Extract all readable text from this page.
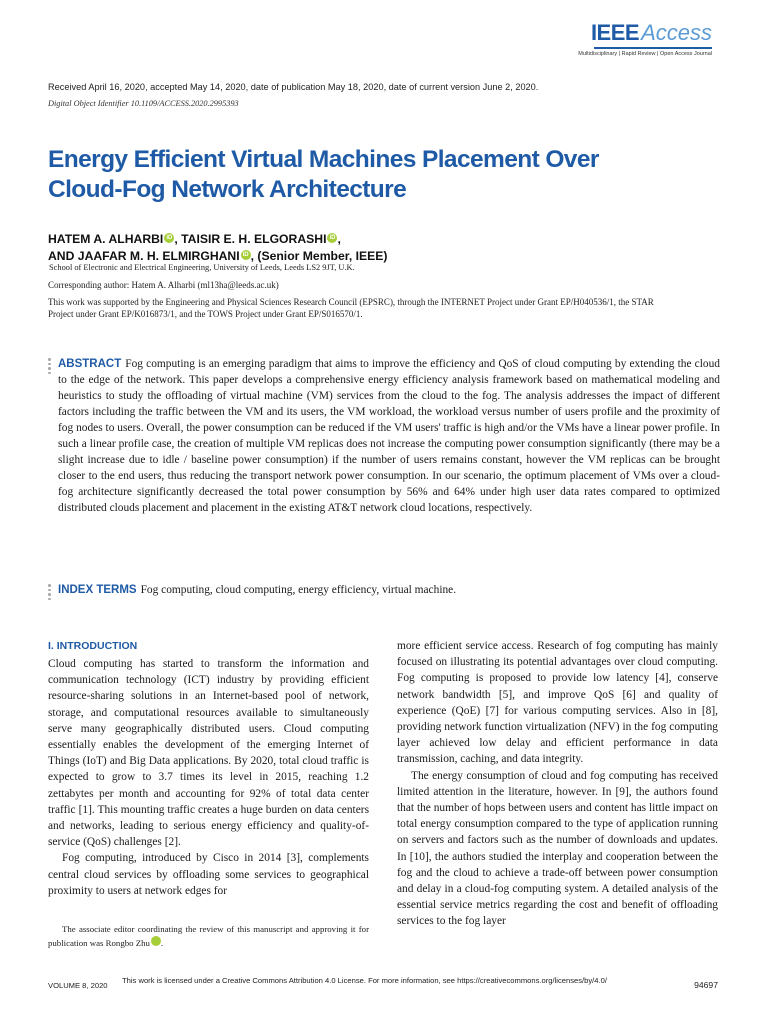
IEEEAccess
Multidisciplinary | Rapid Review | Open Access Journal
Received April 16, 2020, accepted May 14, 2020, date of publication May 18, 2020, date of current version June 2, 2020.
Digital Object Identifier 10.1109/ACCESS.2020.2995393
Energy Efficient Virtual Machines Placement Over
Cloud-Fog Network Architecture
HATEM A. ALHARBI iD , TAISIR E. H. ELGORASHI iD ,
AND JAAFAR M. H. ELMIRGHANI iD , (Senior Member, IEEE)
School of Electronic and Electrical Engineering, University of Leeds, Leeds LS2 9JT, U.K.
Corresponding author: Hatem A. Alharbi (ml13ha@leeds.ac.uk)
This work was supported by the Engineering and Physical Sciences Research Council (EPSRC), through the INTERNET Project under Grant EP/H040536/1, the STAR Project under Grant EP/K016873/1, and the TOWS Project under Grant EP/S016570/1.
ABSTRACT Fog computing is an emerging paradigm that aims to improve the efficiency and QoS of cloud computing by extending the cloud to the edge of the network. This paper develops a comprehensive energy efficiency analysis framework based on mathematical modeling and heuristics to study the offloading of virtual machine (VM) services from the cloud to the fog. The analysis addresses the impact of different factors including the traffic between the VM and its users, the VM workload, the workload versus number of users profile and the proximity of fog nodes to users. Overall, the power consumption can be reduced if the VM users' traffic is high and/or the VMs have a linear power profile. In such a linear profile case, the creation of multiple VM replicas does not increase the computing power consumption significantly (there may be a slight increase due to idle / baseline power consumption) if the number of users remains constant, however the VM replicas can be brought closer to the end users, thus reducing the transport network power consumption. In our scenario, the optimum placement of VMs over a cloud-fog architecture significantly decreased the total power consumption by 56% and 64% under high user data rates compared to optimized distributed clouds placement and placement in the existing AT&T network cloud locations, respectively.
INDEX TERMS Fog computing, cloud computing, energy efficiency, virtual machine.
I. INTRODUCTION

Cloud computing has started to transform the information and communication technology (ICT) industry by providing efficient resource-sharing solutions in an Internet-based pool of network, storage, and computational resources available to simultaneously serve many geographically distributed users. Cloud computing essentially enables the development of the emerging Internet of Things (IoT) and Big Data applications. By 2020, total cloud traffic is expected to grow to 3.7 times its level in 2015, reaching 1.2 zettabytes per month and accounting for 92% of total data center traffic [1]. This mounting traffic creates a huge burden on data centers and networks, leading to serious energy efficiency and quality-of-service (QoS) challenges [2].

Fog computing, introduced by Cisco in 2014 [3], complements central cloud services by offloading some services to geographical proximity to users at network edges for

more efficient service access. Research of fog computing has mainly focused on illustrating its potential advantages over cloud computing. Fog computing is proposed to provide low latency [4], conserve network bandwidth [5], and improve QoS [6] and quality of experience (QoE) [7] for various computing services. Also in [8], providing network function virtualization (NFV) in the fog computing layer achieved low delay and efficient performance in data transmission, caching, and data integrity.

The energy consumption of cloud and fog computing has received limited attention in the literature, however. In [9], the authors found that the number of hops between users and content has little impact on total energy consumption compared to the type of application running on servers and factors such as the number of downloads and updates. In [10], the authors studied the interplay and cooperation between the fog and the cloud to achieve a trade-off between power consumption and delay in a cloud-fog computing system. A detailed analysis of the essential service metrics regarding the cost and benefit of offloading services to the fog layer

The associate editor coordinating the review of this manuscript and approving it for publication was Rongbo Zhu	iD.

VOLUME 8, 2020
This work is licensed under a Creative Commons Attribution 4.0 License. For more information, see https://creativecommons.org/licenses/by/4.0/	94697
